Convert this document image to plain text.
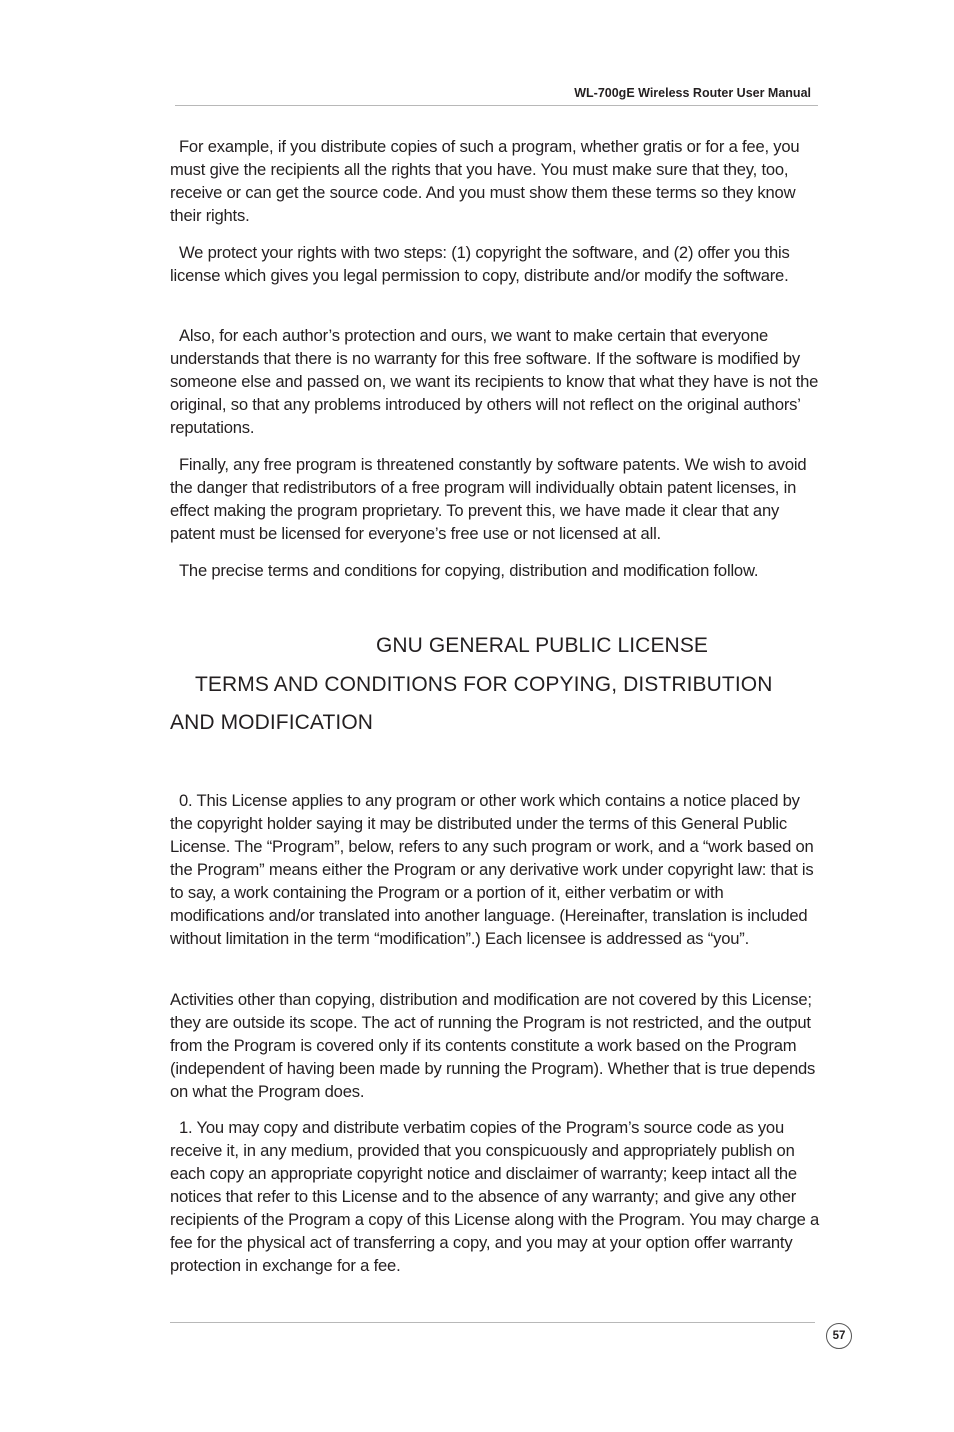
WL-700gE Wireless Router User Manual

For example, if you distribute copies of such a program, whether gratis or for a fee, you must give the recipients all the rights that you have. You must make sure that they, too, receive or can get the source code. And you must show them these terms so they know their rights.

We protect your rights with two steps: (1) copyright the software, and (2) offer you this license which gives you legal permission to copy, distribute and/or modify the software.

Also, for each author’s protection and ours, we want to make certain that everyone understands that there is no warranty for this free software. If the software is modified by someone else and passed on, we want its recipients to know that what they have is not the original, so that any problems introduced by others will not reflect on the original authors’ reputations.

Finally, any free program is threatened constantly by software patents. We wish to avoid the danger that redistributors of a free program will individually obtain patent licenses, in effect making the program proprietary. To prevent this, we have made it clear that any patent must be licensed for everyone’s free use or not licensed at all.

The precise terms and conditions for copying, distribution and modification follow.

GNU GENERAL PUBLIC LICENSE
TERMS AND CONDITIONS FOR COPYING, DISTRIBUTION
AND MODIFICATION

0. This License applies to any program or other work which contains a notice placed by the copyright holder saying it may be distributed under the terms of this General Public License. The “Program”, below, refers to any such program or work, and a “work based on the Program” means either the Program or any derivative work under copyright law: that is to say, a work containing the Program or a portion of it, either verbatim or with modifications and/or translated into another language. (Hereinafter, translation is included without limitation in the term “modification”.) Each licensee is addressed as “you”.

Activities other than copying, distribution and modification are not covered by this License; they are outside its scope. The act of running the Program is not restricted, and the output from the Program is covered only if its contents constitute a work based on the Program (independent of having been made by running the Program). Whether that is true depends on what the Program does.

1. You may copy and distribute verbatim copies of the Program’s source code as you receive it, in any medium, provided that you conspicuously and appropriately publish on each copy an appropriate copyright notice and disclaimer of warranty; keep intact all the notices that refer to this License and to the absence of any warranty; and give any other recipients of the Program a copy of this License along with the Program. You may charge a fee for the physical act of transferring a copy, and you may at your option offer warranty protection in exchange for a fee.

57
